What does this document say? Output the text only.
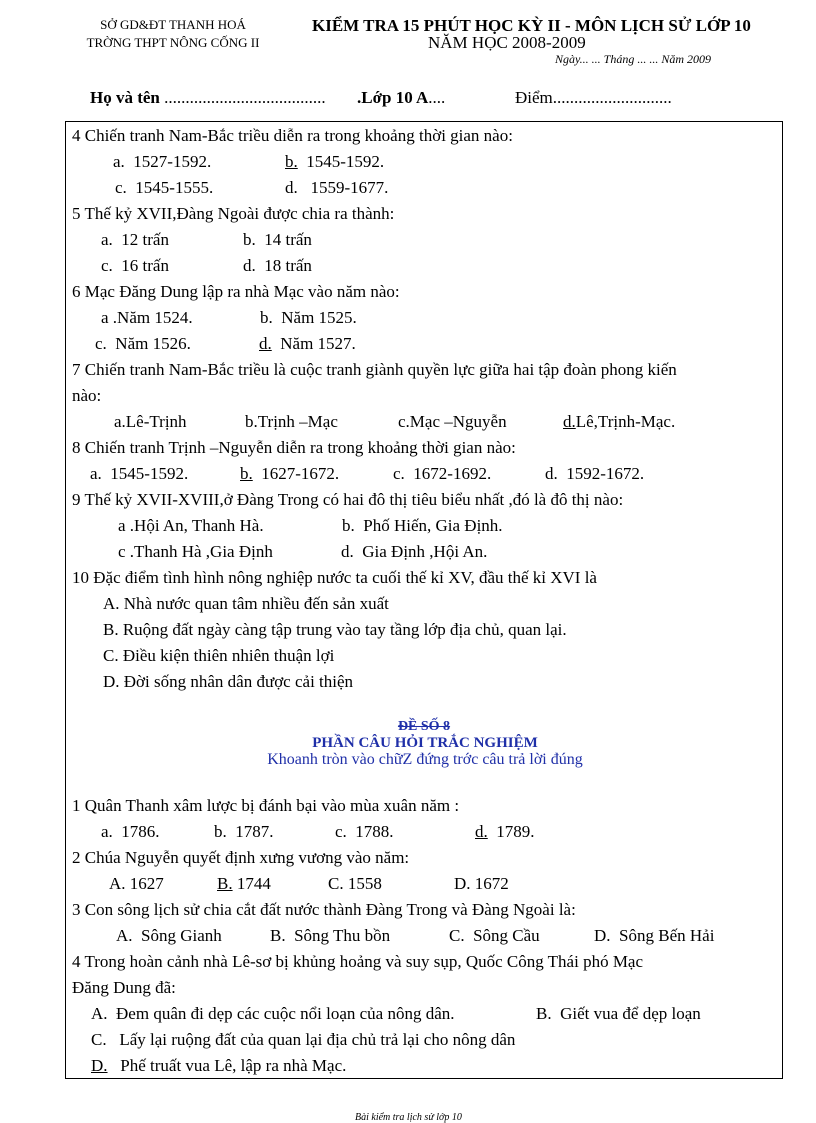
SỞ GD&ĐT THANH HOÁ
TRỜNG THPT NÔNG CỐNG II
KIỂM TRA 15 PHÚT HỌC KỲ II - MÔN LỊCH SỬ LỚP 10
NĂM HỌC 2008-2009
Ngày... ... Tháng ... ... Năm 2009
Họ và tên ...................................... .Lớp 10 A....	Điểm............................
4 Chiến tranh Nam-Bắc triều diễn ra trong khoảng thời gian nào:
a. 1527-1592.	b. 1545-1592.
c. 1545-1555.	d. 1559-1677.
5 Thế kỷ XVII,Đàng Ngoài được chia ra thành:
a. 12 trấn	b. 14 trấn
c. 16 trấn	d. 18 trấn
6 Mạc Đăng Dung lập ra nhà Mạc vào năm nào:
a .Năm 1524.	b. Năm 1525.
c. Năm 1526.	d. Năm 1527.
7 Chiến tranh Nam-Bắc triều là cuộc tranh giành quyền lực giữa hai tập đoàn phong kiến
nào:
a.Lê-Trịnh	b.Trịnh –Mạc	c.Mạc –Nguyễn	d.Lê,Trịnh-Mạc.
8 Chiến tranh Trịnh –Nguyễn diễn ra trong khoảng thời gian nào:
a. 1545-1592.	b. 1627-1672.	c. 1672-1692.	d. 1592-1672.
9 Thế kỷ XVII-XVIII,ở Đàng Trong có hai đô thị tiêu biểu nhất ,đó là đô thị nào:
a .Hội An, Thanh Hà.	b. Phố Hiến, Gia Định.
c .Thanh Hà ,Gia Định	d. Gia Định ,Hội An.
10 Đặc điểm tình hình nông nghiệp nước ta cuối thế kỉ XV, đầu thế kỉ XVI là
A. Nhà nước quan tâm nhiều đến sản xuất
B. Ruộng đất ngày càng tập trung vào tay tầng lớp địa chủ, quan lại.
C. Điều kiện thiên nhiên thuận lợi
D. Đời sống nhân dân được cải thiện
ĐỀ SỐ 8
PHẦN CÂU HỎI TRẮC NGHIỆM
Khoanh tròn vào chữZ đứng trớc câu trả lời đúng
1 Quân Thanh xâm lược bị đánh bại vào mùa xuân năm :
a. 1786.	b. 1787.	c. 1788.	d. 1789.
2 Chúa Nguyễn quyết định xưng vương vào năm:
A. 1627	B. 1744	C. 1558	D. 1672
3 Con sông lịch sử chia cắt đất nước thành Đàng Trong và Đàng Ngoài là:
A. Sông Gianh	B. Sông Thu bồn	C. Sông Cầu	D. Sông Bến Hải
4 Trong hoàn cảnh nhà Lê-sơ bị khủng hoảng và suy sụp, Quốc Công Thái phó Mạc
Đăng Dung đã:
A. Đem quân đi dẹp các cuộc nổi loạn của nông dân.	B. Giết vua để dẹp loạn
C. Lấy lại ruộng đất của quan lại địa chủ trả lại cho nông dân
D. Phế truất vua Lê, lập ra nhà Mạc.
Bài kiểm tra lịch sử lớp 10
